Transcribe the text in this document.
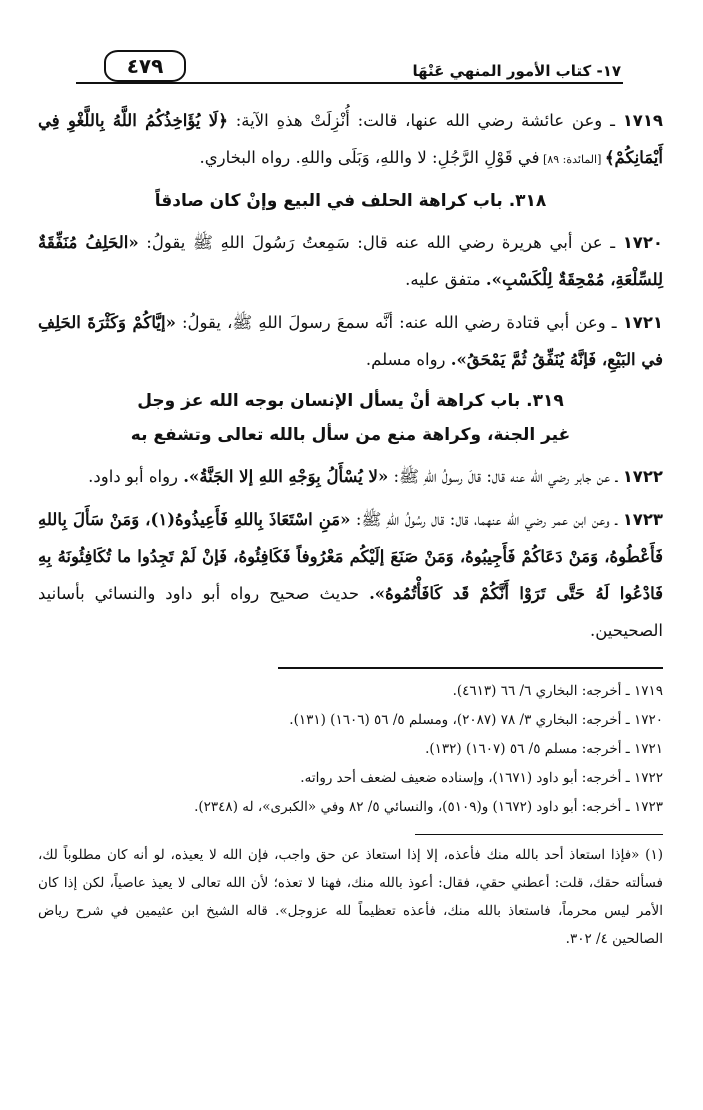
١٧- كتاب الأمور المنهي عَنْهَا
٤٧٩

١٧١٩ ـ وعن عائشة رضي الله عنها، قالت: أُنْزِلَتْ هذهِ الآية: ﴿لَا يُؤَاخِذُكُمُ اللَّهُ بِاللَّغْوِ فِي أَيْمَانِكُمْ﴾ [المائدة: ٨٩] في قَوْلِ الرَّجُلِ: لا واللهِ، وَبَلَى واللهِ. رواه البخاري.

٣١٨. باب كراهة الحلف في البيع وإنْ كان صادقاً

١٧٢٠ ـ عن أبي هريرة رضي الله عنه قال: سَمِعتُ رَسُولَ اللهِ ﷺ يقولُ: «الحَلِفُ مُنَفِّقَةٌ لِلسِّلْعَةِ، مُمْحِقَةٌ لِلْكَسْبِ». متفق عليه.

١٧٢١ ـ وعن أبي قتادة رضي الله عنه: أنَّه سمعَ رسولَ اللهِ ﷺ، يقولُ: «إيَّاكُمْ وَكَثْرَةَ الحَلِفِ في البَيْعِ، فَإنَّهُ يُنَفِّقُ ثُمَّ يَمْحَقُ». رواه مسلم.

٣١٩. باب كراهة أنْ يسأل الإنسان بوجه الله عز وجل
غير الجنة، وكراهة منع من سأل بالله تعالى وتشفع به

١٧٢٢ ـ عن جابر رضي الله عنه قال: قالَ رسولُ اللهِ ﷺ: «لا يُسْأَلُ بِوَجْهِ اللهِ إلا الجَنَّةُ». رواه أبو داود.

١٧٢٣ ـ وعن ابن عمر رضي الله عنهما، قال: قال رسُولُ اللهِ ﷺ: «مَنِ اسْتَعَاذَ بِاللهِ فَأَعِيذُوهُ(١)، وَمَنْ سَأَلَ بِاللهِ فَأَعْطُوهُ، وَمَنْ دَعَاكُمْ فَأَجِيبُوهُ، وَمَنْ صَنَعَ إلَيْكُم مَعْرُوفاً فَكَافِئُوهُ، فَإنْ لَمْ تَجِدُوا ما تُكَافِئُونَهُ بِهِ فَادْعُوا لَهُ حَتَّى تَرَوْا أَنَّكُمْ قَد كَافَأْتُمُوهُ». حديث صحيح رواه أبو داود والنسائي بأسانيد الصحيحين.

١٧١٩ ـ أخرجه: البخاري ٦/ ٦٦ (٤٦١٣).
١٧٢٠ ـ أخرجه: البخاري ٣/ ٧٨ (٢٠٨٧)، ومسلم ٥/ ٥٦ (١٦٠٦) (١٣١).
١٧٢١ ـ أخرجه: مسلم ٥/ ٥٦ (١٦٠٧) (١٣٢).
١٧٢٢ ـ أخرجه: أبو داود (١٦٧١)، وإسناده ضعيف لضعف أحد رواته.
١٧٢٣ ـ أخرجه: أبو داود (١٦٧٢) و(٥١٠٩)، والنسائي ٥/ ٨٢ وفي «الكبرى»، له (٢٣٤٨).

(١) «فإذا استعاذ أحد بالله منك فأعذه، إلا إذا استعاذ عن حق واجب، فإن الله لا يعيذه، لو أنه كان مطلوباً لك، فسألته حقك، قلت: أعطني حقي، فقال: أعوذ بالله منك، فهنا لا تعذه؛ لأن الله تعالى لا يعيذ عاصياً، لكن إذا كان الأمر ليس محرماً، فاستعاذ بالله منك، فأعذه تعظيماً لله عزوجل». قاله الشيخ ابن عثيمين في شرح رياض الصالحين ٤/ ٣٠٢.
